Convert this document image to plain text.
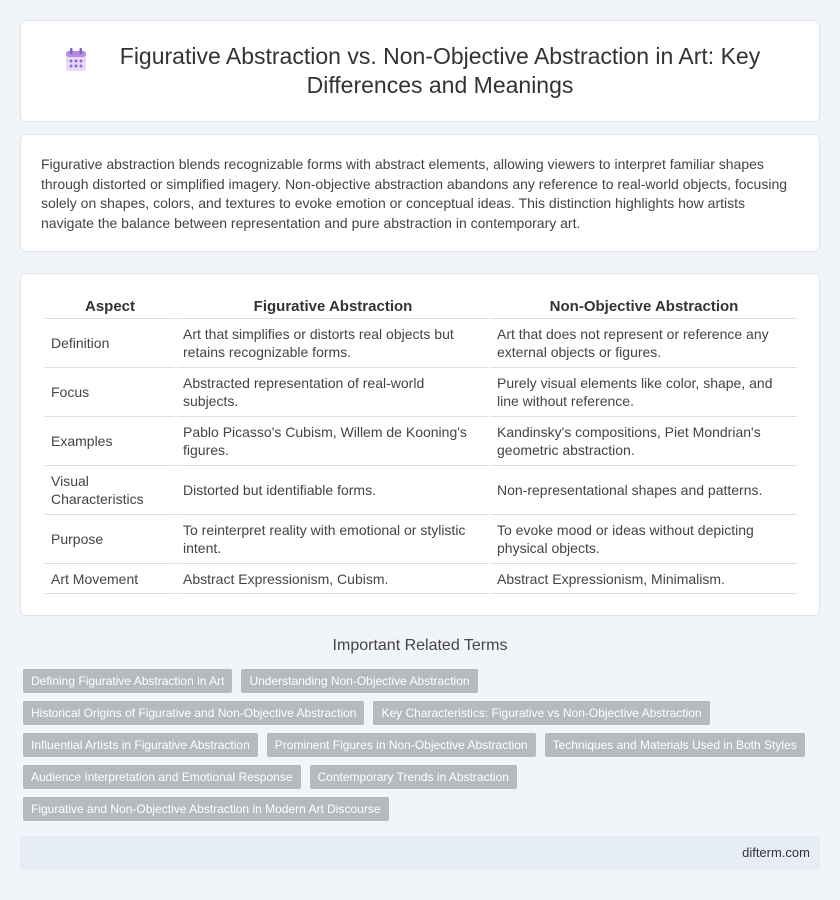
Figurative Abstraction vs. Non-Objective Abstraction in Art: Key Differences and Meanings

Figurative abstraction blends recognizable forms with abstract elements, allowing viewers to interpret familiar shapes through distorted or simplified imagery. Non-objective abstraction abandons any reference to real-world objects, focusing solely on shapes, colors, and textures to evoke emotion or conceptual ideas. This distinction highlights how artists navigate the balance between representation and pure abstraction in contemporary art.

Aspect	Figurative Abstraction	Non-Objective Abstraction
Definition	Art that simplifies or distorts real objects but retains recognizable forms.	Art that does not represent or reference any external objects or figures.
Focus	Abstracted representation of real-world subjects.	Purely visual elements like color, shape, and line without reference.
Examples	Pablo Picasso's Cubism, Willem de Kooning's figures.	Kandinsky's compositions, Piet Mondrian's geometric abstraction.
Visual Characteristics	Distorted but identifiable forms.	Non-representational shapes and patterns.
Purpose	To reinterpret reality with emotional or stylistic intent.	To evoke mood or ideas without depicting physical objects.
Art Movement	Abstract Expressionism, Cubism.	Abstract Expressionism, Minimalism.
Important Related Terms
Defining Figurative Abstraction in Art	Understanding Non-Objective Abstraction
Historical Origins of Figurative and Non-Objective Abstraction	Key Characteristics: Figurative vs Non-Objective Abstraction
Influential Artists in Figurative Abstraction	Prominent Figures in Non-Objective Abstraction	Techniques and Materials Used in Both Styles
Audience Interpretation and Emotional Response	Contemporary Trends in Abstraction
Figurative and Non-Objective Abstraction in Modern Art Discourse
difterm.com
